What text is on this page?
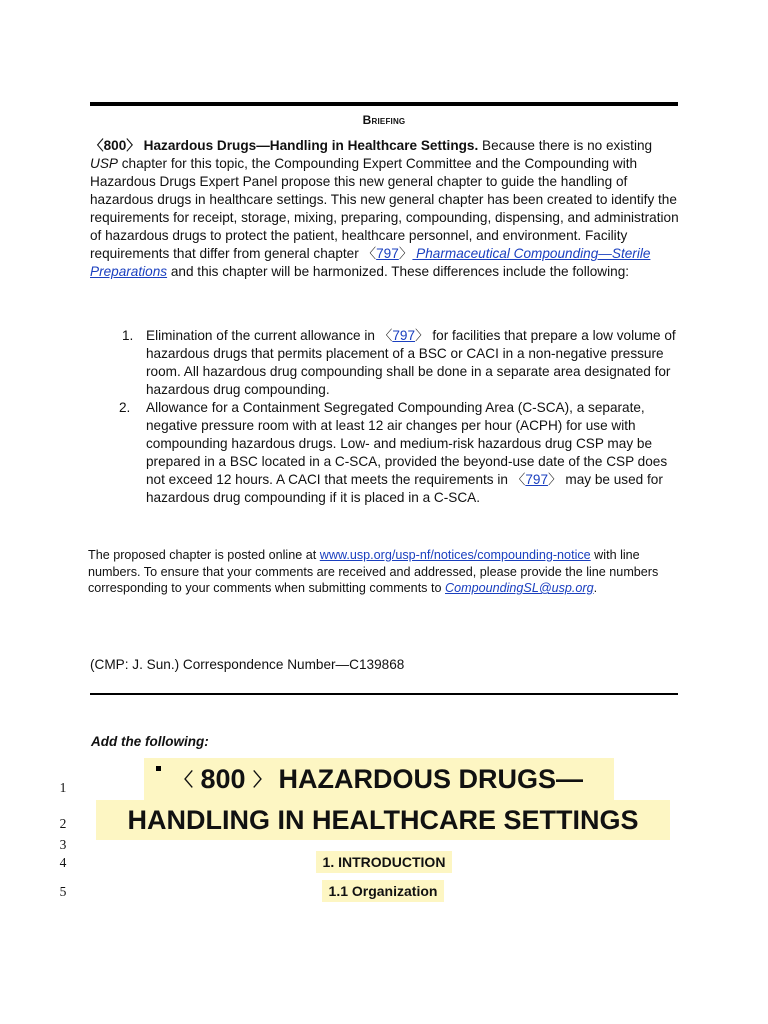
Briefing
〈800〉 Hazardous Drugs—Handling in Healthcare Settings. Because there is no existing USP chapter for this topic, the Compounding Expert Committee and the Compounding with Hazardous Drugs Expert Panel propose this new general chapter to guide the handling of hazardous drugs in healthcare settings. This new general chapter has been created to identify the requirements for receipt, storage, mixing, preparing, compounding, dispensing, and administration of hazardous drugs to protect the patient, healthcare personnel, and environment. Facility requirements that differ from general chapter 〈797〉 Pharmaceutical Compounding—Sterile Preparations and this chapter will be harmonized. These differences include the following:
1. Elimination of the current allowance in 〈797〉 for facilities that prepare a low volume of hazardous drugs that permits placement of a BSC or CACI in a non-negative pressure room. All hazardous drug compounding shall be done in a separate area designated for hazardous drug compounding.
2. Allowance for a Containment Segregated Compounding Area (C-SCA), a separate, negative pressure room with at least 12 air changes per hour (ACPH) for use with compounding hazardous drugs. Low- and medium-risk hazardous drug CSP may be prepared in a BSC located in a C-SCA, provided the beyond-use date of the CSP does not exceed 12 hours. A CACI that meets the requirements in 〈797〉 may be used for hazardous drug compounding if it is placed in a C-SCA.
The proposed chapter is posted online at www.usp.org/usp-nf/notices/compounding-notice with line numbers. To ensure that your comments are received and addressed, please provide the line numbers corresponding to your comments when submitting comments to CompoundingSL@usp.org.
(CMP: J. Sun.) Correspondence Number—C139868
Add the following:
〈 800 〉 HAZARDOUS DRUGS—
HANDLING IN HEALTHCARE SETTINGS
1
2
3
4
5
1. INTRODUCTION
1.1 Organization
